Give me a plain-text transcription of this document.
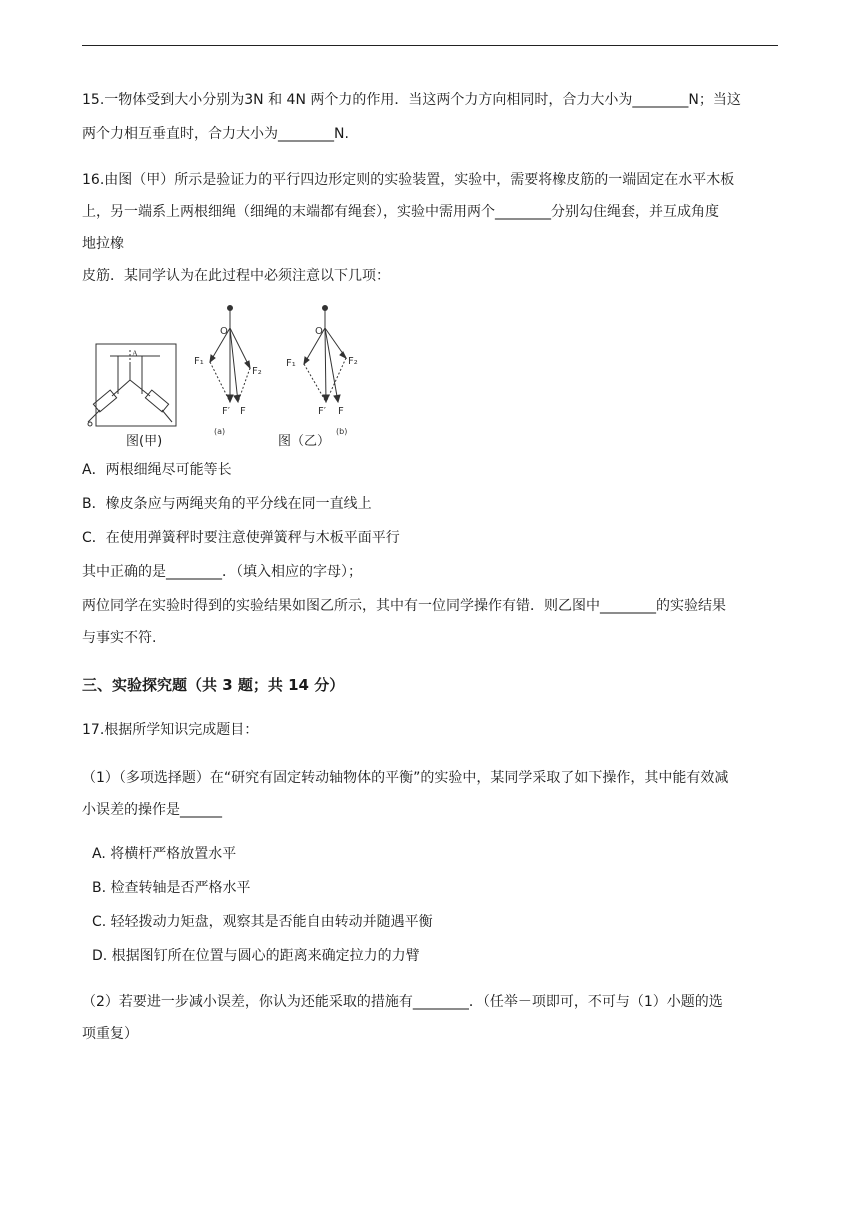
15.一物体受到大小分别为3N 和 4N 两个力的作用．当这两个力方向相同时，合力大小为________N；当这
两个力相互垂直时，合力大小为________N.
16.由图（甲）所示是验证力的平行四边形定则的实验装置，实验中，需要将橡皮筋的一端固定在水平木板
上，另一端系上两根细绳（细绳的末端都有绳套），实验中需用两个________分别勾住绳套，并互成角度
地拉橡
皮筋．某同学认为在此过程中必须注意以下几项：
A
O
F₁
F₂
F′ F
(a)
O
F₁	F₂
F′ F
(b)
图(甲)	图（乙）
A．两根细绳尽可能等长
B．橡皮条应与两绳夹角的平分线在同一直线上
C．在使用弹簧秤时要注意使弹簧秤与木板平面平行
其中正确的是________．（填入相应的字母）；
两位同学在实验时得到的实验结果如图乙所示，其中有一位同学操作有错．则乙图中________的实验结果
与事实不符.
三、实验探究题（共 3 题；共 14 分）
17.根据所学知识完成题目：
（1）（多项选择题）在“研究有固定转动轴物体的平衡”的实验中，某同学采取了如下操作，其中能有效减
小误差的操作是______
A. 将横杆严格放置水平
B. 检查转轴是否严格水平
C. 轻轻拨动力矩盘，观察其是否能自由转动并随遇平衡
D. 根据图钉所在位置与圆心的距离来确定拉力的力臂
（2）若要进一步减小误差，你认为还能采取的措施有________．（任举－项即可，不可与（1）小题的选
项重复）
